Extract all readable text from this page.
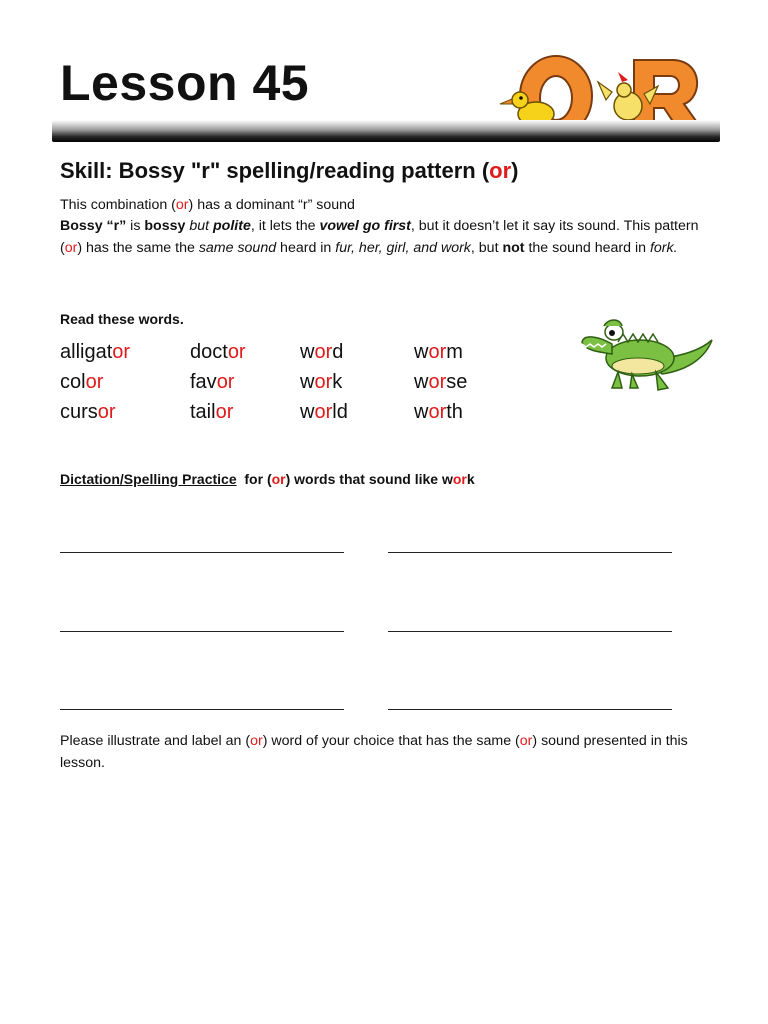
Lesson 45	O
Skill: Bossy "r" spelling/reading pattern (or)
This combination (or) has a dominant “r” sound
Bossy “r” is bossy but polite, it lets the vowel go first, but it doesn’t let it say its sound. This pattern (or) has the same the same sound heard in fur, her, girl, and work, but not the sound heard in fork.
Read these words.
alligator	doctor	word	worm
color	favor	work	worse
cursor	tailor	world	worth
Dictation/Spelling Practice  for (or) words that sound like work
Please illustrate and label an (or) word of your choice that has the same (or) sound presented in this lesson.
